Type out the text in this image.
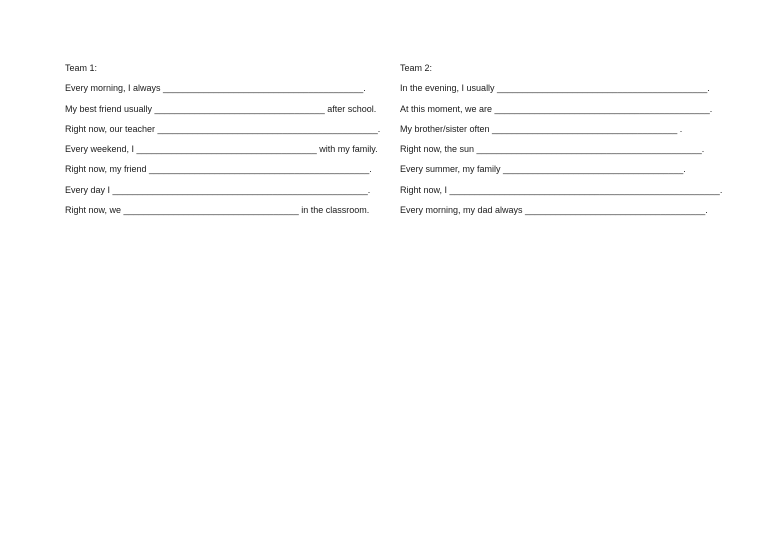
Team 1:
Every morning, I always ________________________________________.
My best friend usually __________________________________ after school.
Right now, our teacher ____________________________________________.
Every weekend, I ____________________________________ with my family.
Right now, my friend ____________________________________________.
Every day I ___________________________________________________.
Right now, we ___________________________________ in the classroom.
Team 2:
In the evening, I usually __________________________________________.
At this moment, we are ___________________________________________.
My brother/sister often _____________________________________ .
Right now, the sun _____________________________________________.
Every summer, my family ____________________________________.
Right now, I ______________________________________________________.
Every morning, my dad always ____________________________________.
